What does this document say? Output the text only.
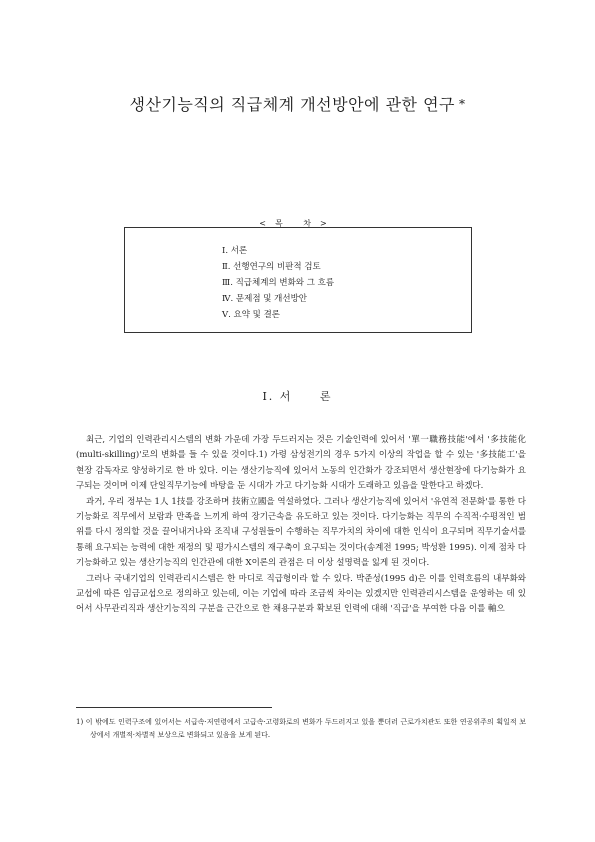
생산기능직의 직급체계 개선방안에 관한 연구 *
<목 차>
Ⅰ. 서론
Ⅱ. 선행연구의 비판적 검토
Ⅲ. 직급체계의 변화와 그 흐름
Ⅳ. 문제점 및 개선방안
Ⅴ. 요약 및 결론
Ⅰ. 서     론

최근, 기업의 인력관리시스템의 변화 가운데 가장 두드러지는 것은 기술인력에 있어서 '單一職務技能'에서 '多技能化(multi-skilling)'로의 변화를 들 수 있을 것이다.1) 가령 삼성전기의 경우 5가지 이상의 작업을 할 수 있는 '多技能工'을 현장 감독자로 양성하기로 한 바 있다. 이는 생산기능직에 있어서 노동의 인간화가 강조되면서 생산현장에 다기능화가 요구되는 것이며 이제 단일직무기능에 바탕을 둔 시대가 가고 다기능화 시대가 도래하고 있음을 말한다고 하겠다.

과거, 우리 정부는 1人 1技를 강조하며 技術立國을 역설하였다. 그러나 생산기능직에 있어서 '유연적 전문화'를 통한 다기능화로 직무에서 보람과 만족을 느끼게 하여 장기근속을 유도하고 있는 것이다. 다기능화는 직무의 수직적·수평적인 범위를 다시 정의할 것을 끌어내거나와 조직내 구성원들이 수행하는 직무가치의 차이에 대한 인식이 요구되며 직무기술서를 통해 요구되는 능력에 대한 재정의 및 평가시스템의 재구축이 요구되는 것이다(송계전 1995; 박성환 1995). 이제 점차 다기능화하고 있는 생산기능직의 인간관에 대한 X이론의 관점은 더 이상 설명력을 잃게 된 것이다.

그러나 국내기업의 인력관리시스템은 한 마디로 직급형이라 할 수 있다. 박준성(1995 d)은 이를 인력흐름의 내부화와 교섭에 따른 임금교섭으로 정의하고 있는데, 이는 기업에 따라 조금씩 차이는 있겠지만 인력관리시스템을 운영하는 데 있어서 사무관리직과 생산기능직의 구분을 근간으로 한 채용구분과 확보된 인력에 대해 '직급'을 부여한 다음 이를 軸으

1) 이 밖에도 인력구조에 있어서는 서급속·저연령에서 고급속·고령화로의 변화가 두드러지고 있을 뿐더러 근로가치관도 또한 연공위주의 획일적 보상에서 개별적·차별적 보상으로 변화되고 있음을 보게 된다.
